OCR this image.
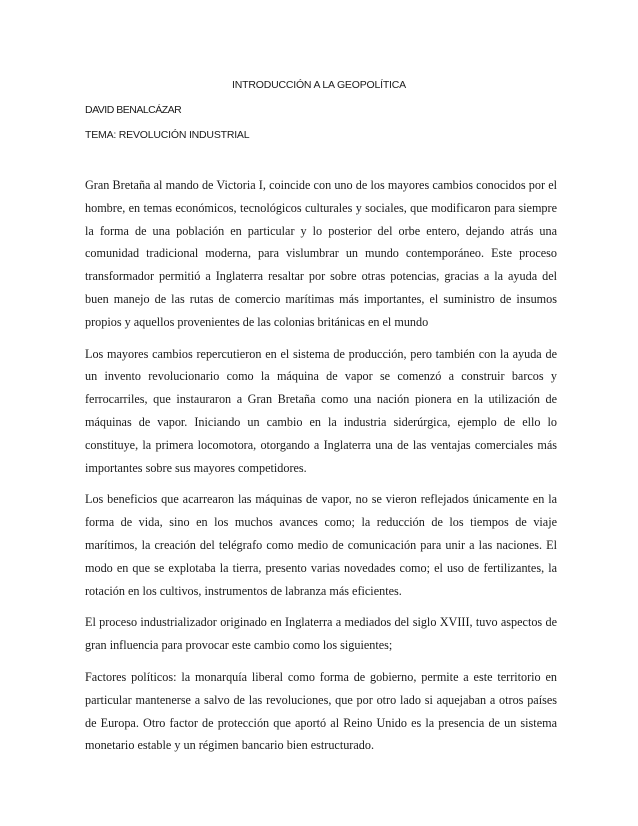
INTRODUCCIÓN A LA GEOPOLÍTICA

DAVID BENALCÁZAR

TEMA: REVOLUCIÓN INDUSTRIAL

Gran Bretaña al mando de Victoria I, coincide con uno de los mayores cambios conocidos por el hombre, en temas económicos, tecnológicos culturales y sociales, que modificaron para siempre la forma de una población en particular y lo posterior del orbe entero, dejando atrás una comunidad tradicional moderna, para vislumbrar un mundo contemporáneo. Este proceso transformador permitió a Inglaterra resaltar por sobre otras potencias, gracias a la ayuda del buen manejo de las rutas de comercio marítimas más importantes, el suministro de insumos propios y aquellos provenientes de las colonias británicas en el mundo

Los mayores cambios repercutieron en el sistema de producción, pero también con la ayuda de un invento revolucionario como la máquina de vapor se comenzó a construir barcos y ferrocarriles, que instauraron a Gran Bretaña como una nación pionera en la utilización de máquinas de vapor. Iniciando un cambio en la industria siderúrgica, ejemplo de ello lo constituye, la primera locomotora, otorgando a Inglaterra una de las ventajas comerciales más importantes sobre sus mayores competidores.

Los beneficios que acarrearon las máquinas de vapor, no se vieron reflejados únicamente en la forma de vida, sino en los muchos avances como; la reducción de los tiempos de viaje marítimos, la creación del telégrafo como medio de comunicación para unir a las naciones. El modo en que se explotaba la tierra, presento varias novedades como; el uso de fertilizantes, la rotación en los cultivos, instrumentos de labranza más eficientes.

El proceso industrializador originado en Inglaterra a mediados del siglo XVIII, tuvo aspectos de gran influencia para provocar este cambio como los siguientes;

Factores políticos: la monarquía liberal como forma de gobierno, permite a este territorio en particular mantenerse a salvo de las revoluciones, que por otro lado si aquejaban a otros países de Europa. Otro factor de protección que aportó al Reino Unido es la presencia de un sistema monetario estable y un régimen bancario bien estructurado.
